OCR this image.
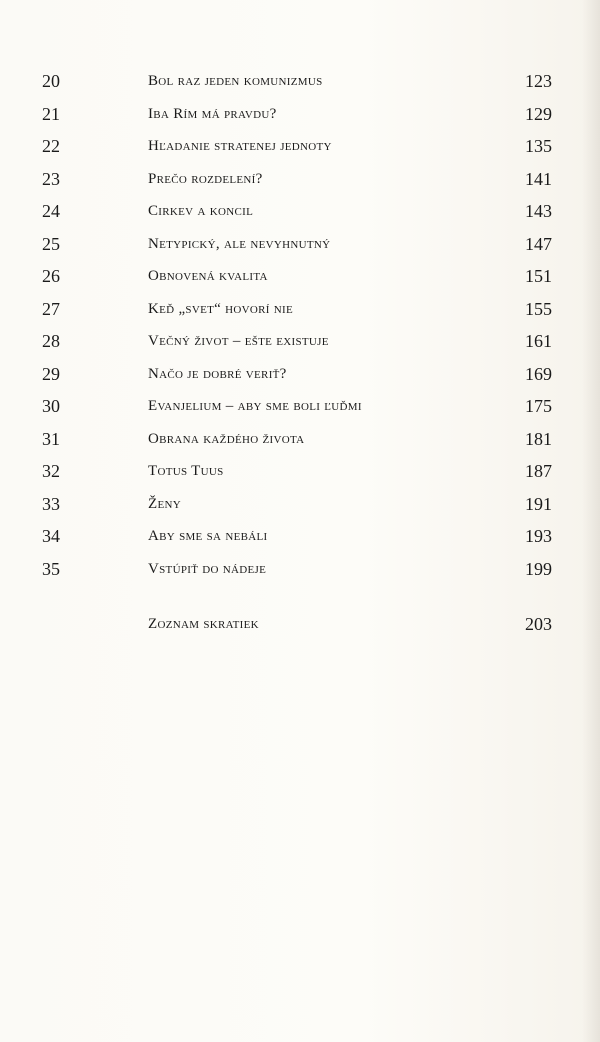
20	Bol raz jeden komunizmus	123
21	Iba Rím má pravdu?	129
22	Hľadanie stratenej jednoty	135
23	Prečo rozdelení?	141
24	Cirkev a koncil	143
25	Netypický, ale nevyhnutný	147
26	Obnovená kvalita	151
27	Keď „svet“ hovorí nie	155
28	Večný život – ešte existuje	161
29	Načo je dobré veriť?	169
30	Evanjelium – aby sme boli ľuďmi	175
31	Obrana každého života	181
32	Totus Tuus	187
33	Ženy	191
34	Aby sme sa nebáli	193
35	Vstúpiť do nádeje	199
Zoznam skratiek	203
